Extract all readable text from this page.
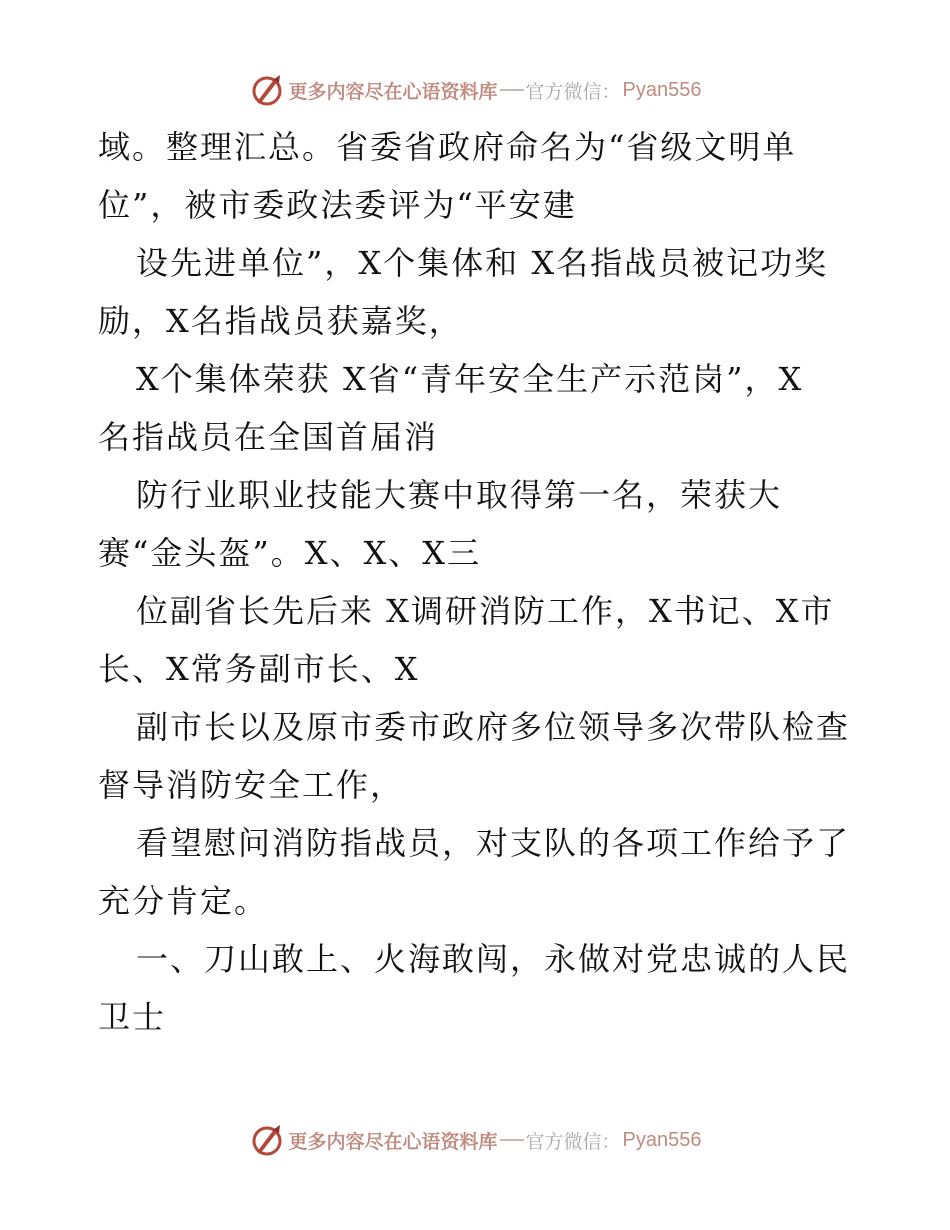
更多内容尽在心语资料库 官方微信： Pyan556
域。整理汇总。省委省政府命名为“省级文明单
位”，被市委政法委评为“平安建
设先进单位”，X个集体和 X名指战员被记功奖
励，X名指战员获嘉奖，
X个集体荣获 X省“青年安全生产示范岗”，X
名指战员在全国首届消
防行业职业技能大赛中取得第一名，荣获大
赛“金头盔”。X、X、X三
位副省长先后来 X调研消防工作，X书记、X市
长、X常务副市长、X
副市长以及原市委市政府多位领导多次带队检查
督导消防安全工作，
看望慰问消防指战员，对支队的各项工作给予了
充分肯定。
一、刀山敢上、火海敢闯，永做对党忠诚的人民
卫士
更多内容尽在心语资料库 官方微信： Pyan556
